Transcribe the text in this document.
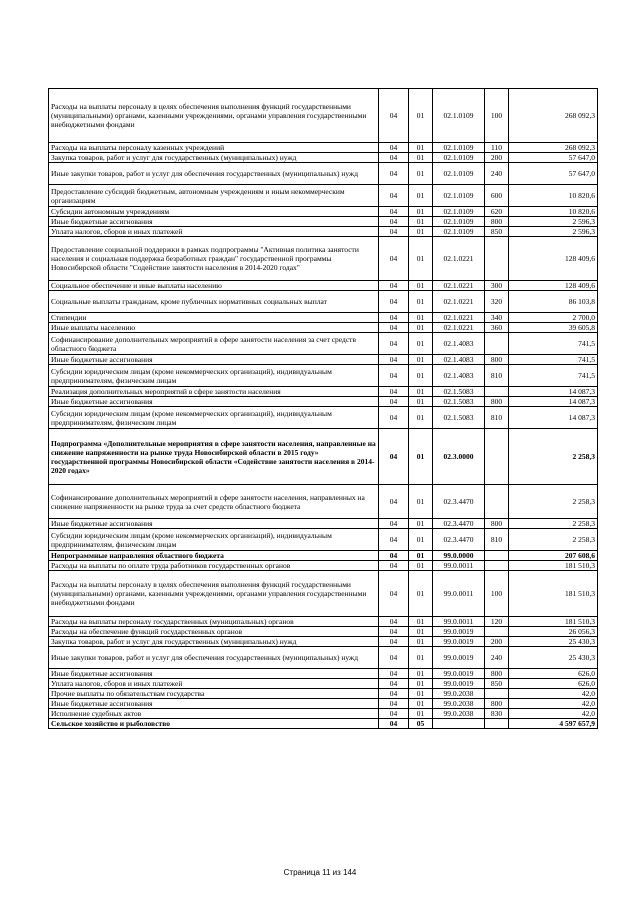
Расходы на выплаты персоналу в целях обеспечения выполнения функций государственными (муниципальными) органами, казенными учреждениями, органами управления государственными внебюджетными фондами	04	01	02.1.0109	100	268 092,3
Расходы на выплаты персоналу казенных учреждений	04	01	02.1.0109	110	268 092,3
Закупка товаров, работ и услуг для государственных (муниципальных) нужд	04	01	02.1.0109	200	57 647,0
Иные закупки товаров, работ и услуг для обеспечения государственных (муниципальных) нужд	04	01	02.1.0109	240	57 647,0
Предоставление субсидий бюджетным, автономным учреждениям и иным некоммерческим организациям	04	01	02.1.0109	600	10 820,6
Субсидии автономным учреждениям	04	01	02.1.0109	620	10 820,6
Иные бюджетные ассигнования	04	01	02.1.0109	800	2 596,3
Уплата налогов, сборов и иных платежей	04	01	02.1.0109	850	2 596,3
Предоставление социальной поддержки в рамках подпрограммы "Активная политика занятости населения и социальная поддержка безработных граждан" государственной программы Новосибирской области "Содействие занятости населения в 2014-2020 годах"	04	01	02.1.0221		128 409,6
Социальное обеспечение и иные выплаты населению	04	01	02.1.0221	300	128 409,6
Социальные выплаты гражданам, кроме публичных нормативных социальных выплат	04	01	02.1.0221	320	86 103,8
Стипендии	04	01	02.1.0221	340	2 700,0
Иные выплаты населению	04	01	02.1.0221	360	39 605,8
Софинансирование дополнительных мероприятий в сфере занятости населения за счет средств областного бюджета	04	01	02.1.4083		741,5
Иные бюджетные ассигнования	04	01	02.1.4083	800	741,5
Субсидии юридическим лицам (кроме некоммерческих организаций), индивидуальным предпринимателям, физическим лицам	04	01	02.1.4083	810	741,5
Реализация дополнительных мероприятий в сфере занятости населения	04	01	02.1.5083		14 087,3
Иные бюджетные ассигнования	04	01	02.1.5083	800	14 087,3
Субсидии юридическим лицам (кроме некоммерческих организаций), индивидуальным предпринимателям, физическим лицам	04	01	02.1.5083	810	14 087,3
Подпрограмма «Дополнительные мероприятия в сфере занятости населения, направленные на снижение напряженности на рынке труда Новосибирской области в 2015 году» государственной программы Новосибирской области «Содействие занятости населения в 2014-2020 годах»	04	01	02.3.0000		2 258,3
Софинансирование дополнительных мероприятий в сфере занятости населения, направленных на снижение напряженности на рынке труда за счет средств областного бюджета	04	01	02.3.4470		2 258,3
Иные бюджетные ассигнования	04	01	02.3.4470	800	2 258,3
Субсидии юридическим лицам (кроме некоммерческих организаций), индивидуальным предпринимателям, физическим лицам	04	01	02.3.4470	810	2 258,3
Непрограммные направления областного бюджета	04	01	99.0.0000		207 608,6
Расходы на выплаты по оплате труда работников государственных органов	04	01	99.0.0011		181 510,3
Расходы на выплаты персоналу в целях обеспечения выполнения функций государственными (муниципальными) органами, казенными учреждениями, органами управления государственными внебюджетными фондами	04	01	99.0.0011	100	181 510,3
Расходы на выплаты персоналу государственных (муниципальных) органов	04	01	99.0.0011	120	181 510,3
Расходы на обеспечение функций государственных органов	04	01	99.0.0019		26 056,3
Закупка товаров, работ и услуг для государственных (муниципальных) нужд	04	01	99.0.0019	200	25 430,3
Иные закупки товаров, работ и услуг для обеспечения государственных (муниципальных) нужд	04	01	99.0.0019	240	25 430,3
Иные бюджетные ассигнования	04	01	99.0.0019	800	626,0
Уплата налогов, сборов и иных платежей	04	01	99.0.0019	850	626,0
Прочие выплаты по обязательствам государства	04	01	99.0.2038		42,0
Иные бюджетные ассигнования	04	01	99.0.2038	800	42,0
Исполнение судебных актов	04	01	99.0.2038	830	42,0
Сельское хозяйство и рыболовство	04	05			4 597 657,9
Страница 11 из 144
